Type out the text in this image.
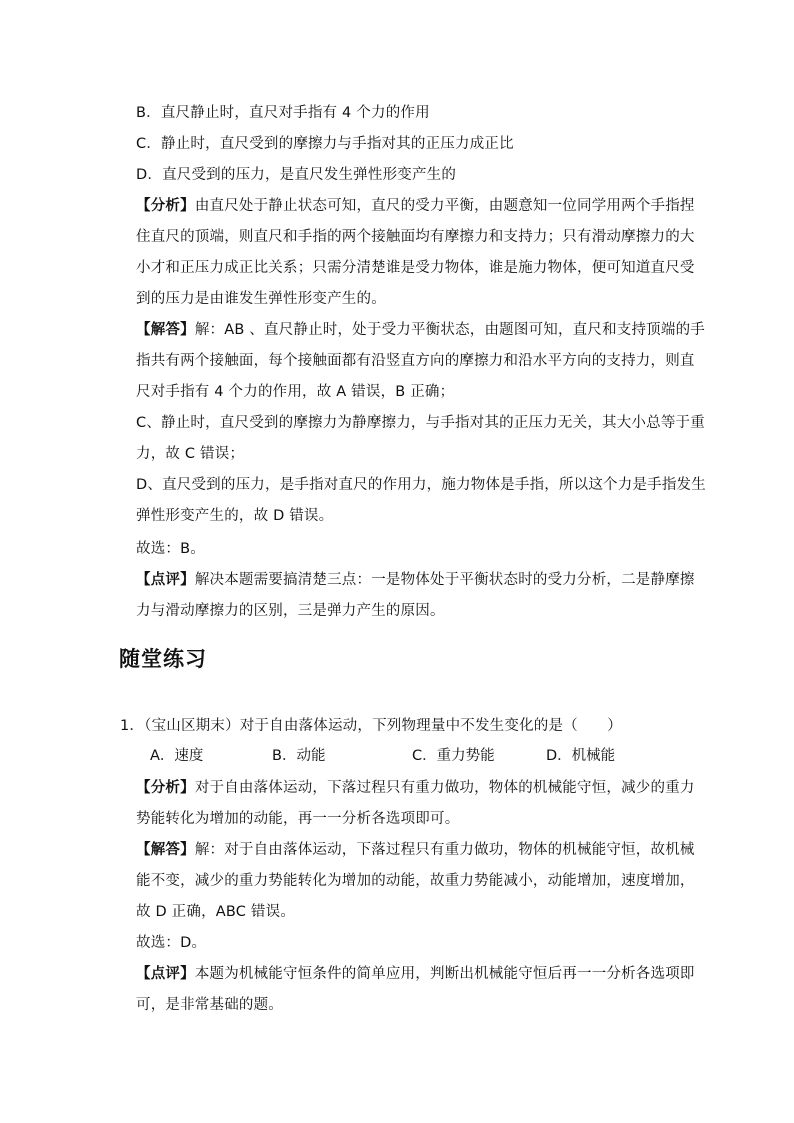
B．直尺静止时，直尺对手指有 4 个力的作用
C．静止时，直尺受到的摩擦力与手指对其的正压力成正比
D．直尺受到的压力，是直尺发生弹性形变产生的
【分析】由直尺处于静止状态可知，直尺的受力平衡，由题意知一位同学用两个手指捏
住直尺的顶端，则直尺和手指的两个接触面均有摩擦力和支持力；只有滑动摩擦力的大
小才和正压力成正比关系；只需分清楚谁是受力物体，谁是施力物体，便可知道直尺受
到的压力是由谁发生弹性形变产生的。
【解答】解：AB 、直尺静止时，处于受力平衡状态，由题图可知，直尺和支持顶端的手
指共有两个接触面，每个接触面都有沿竖直方向的摩擦力和沿水平方向的支持力，则直
尺对手指有 4 个力的作用，故 A 错误，B 正确；
C、静止时，直尺受到的摩擦力为静摩擦力，与手指对其的正压力无关，其大小总等于重
力，故 C 错误；
D、直尺受到的压力，是手指对直尺的作用力，施力物体是手指，所以这个力是手指发生
弹性形变产生的，故 D 错误。
故选：B。
【点评】解决本题需要搞清楚三点：一是物体处于平衡状态时的受力分析，二是静摩擦
力与滑动摩擦力的区别，三是弹力产生的原因。
随堂练习
1．（宝山区期末）对于自由落体运动，下列物理量中不发生变化的是（　　）
A．速度	B．动能	C．重力势能	D．机械能
【分析】对于自由落体运动，下落过程只有重力做功，物体的机械能守恒，减少的重力
势能转化为增加的动能，再一一分析各选项即可。
【解答】解：对于自由落体运动，下落过程只有重力做功，物体的机械能守恒，故机械
能不变，减少的重力势能转化为增加的动能，故重力势能减小，动能增加，速度增加，
故 D 正确，ABC 错误。
故选：D。
【点评】本题为机械能守恒条件的简单应用，判断出机械能守恒后再一一分析各选项即
可，是非常基础的题。
